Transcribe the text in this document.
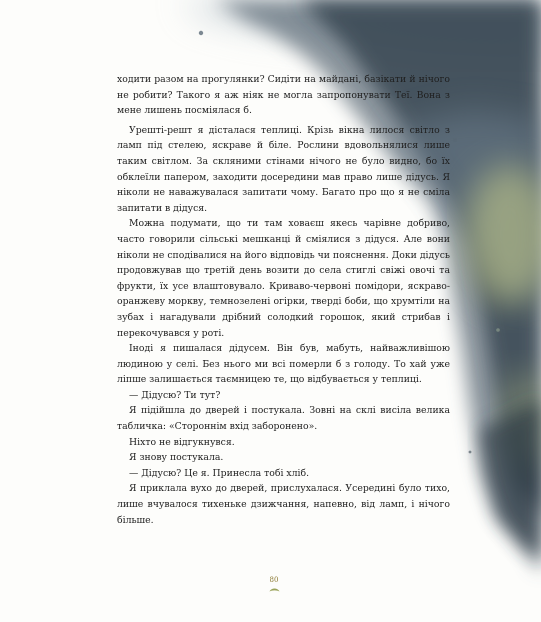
ходити разом на прогулянки? Сидіти на майдані, базікати й нічого не робити? Такого я аж ніяк не могла запропонувати Теї. Вона з мене лишень посміялася б.

Урешті-решт я дісталася теплиці. Крізь вікна лилося світло з ламп під стелею, яскраве й біле. Рослини вдовольнялися лише таким світлом. За скляними стінами нічого не було видно, бо їх обклеїли папером, заходити досередини мав право лише дідусь. Я ніколи не наважувалася запитати чому. Багато про що я не сміла запитати в дідуся.

Можна подумати, що ти там ховаєш якесь чарівне добриво, часто говорили сільські мешканці й сміялися з дідуся. Але вони ніколи не сподівалися на його відповідь чи пояснення. Доки дідусь продовжував що третій день возити до села стиглі свіжі овочі та фрукти, їх усе влаштовувало. Криваво-червоні помідори, яскраво-оранжеву моркву, темнозелені огірки, тверді боби, що хрумтіли на зубах і нагадували дрібний солодкий горошок, який стрибав і перекочувався у роті.

Іноді я пишалася дідусем. Він був, мабуть, найважливішою людиною у селі. Без нього ми всі померли б з голоду. То хай уже ліпше залишається таємницею те, що відбувається у теплиці.

— Дідусю? Ти тут?

Я підійшла до дверей і постукала. Зовні на склі висіла велика табличка: «Стороннім вхід заборонено».

Ніхто не відгукнувся.

Я знову постукала.

— Дідусю? Це я. Принесла тобі хліб.

Я приклала вухо до дверей, прислухалася. Усередині було тихо, лише вчувалося тихеньке дзижчання, напевно, від ламп, і нічого більше.

80
